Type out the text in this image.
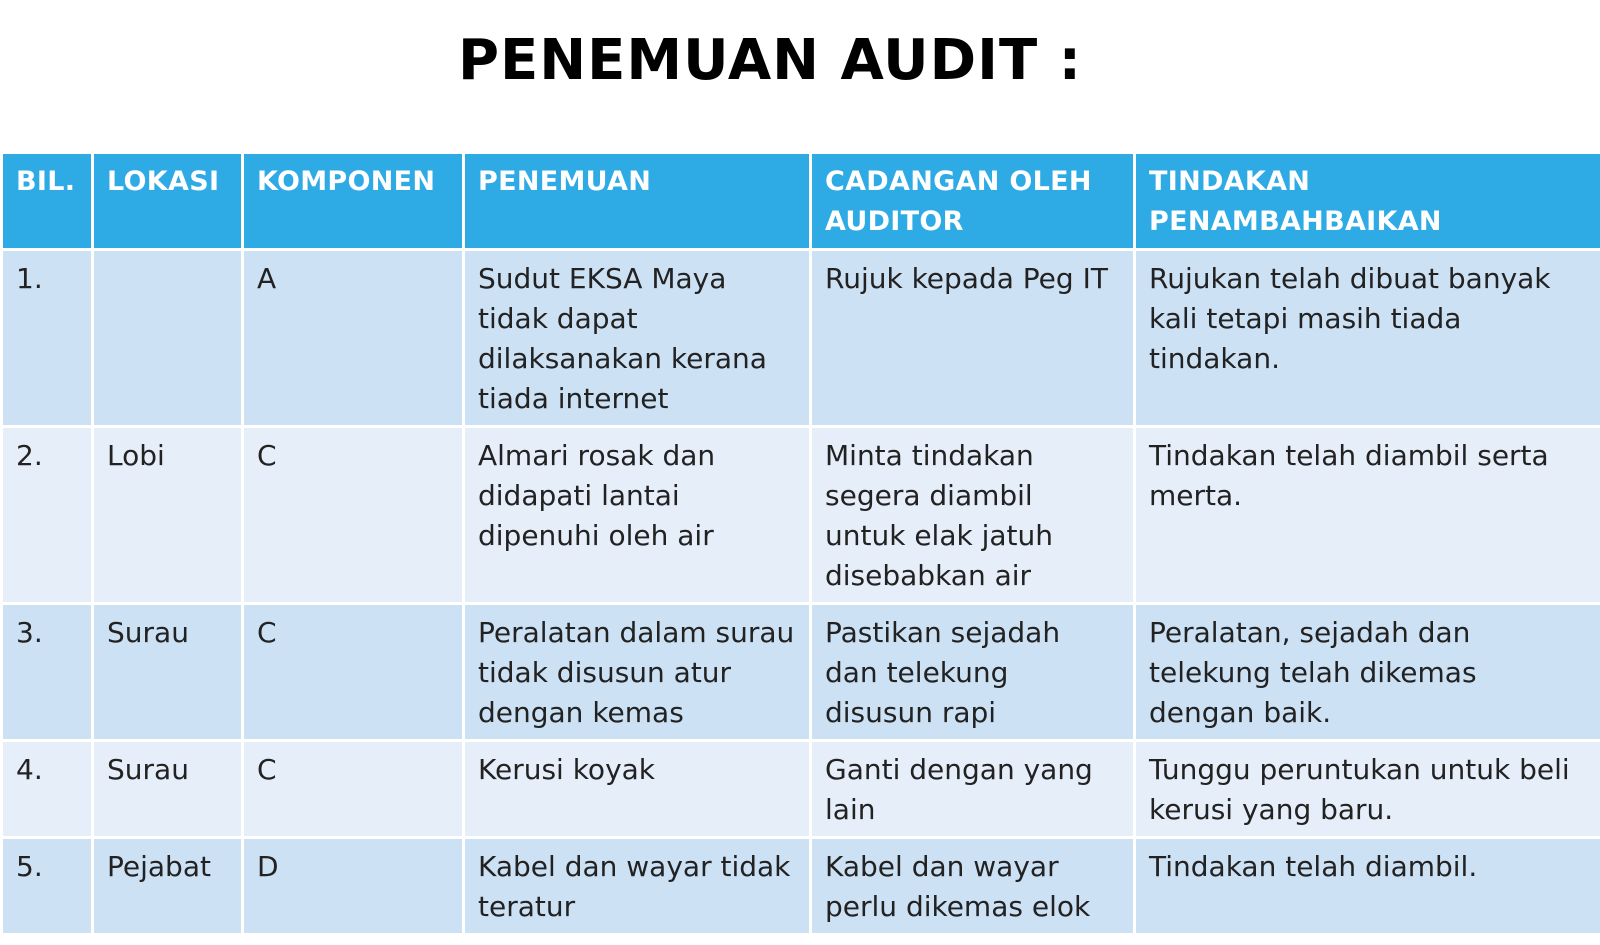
PENEMUAN AUDIT :
BIL.	LOKASI	KOMPONEN	PENEMUAN	CADANGAN OLEH AUDITOR	TINDAKAN PENAMBAHBAIKAN
1.		A	Sudut EKSA Maya tidak dapat dilaksanakan kerana tiada internet	Rujuk kepada Peg IT	Rujukan telah dibuat banyak kali tetapi masih tiada tindakan.
2.	Lobi	C	Almari rosak dan didapati lantai dipenuhi oleh air	Minta tindakan segera diambil untuk elak jatuh disebabkan air	Tindakan telah diambil serta merta.
3.	Surau	C	Peralatan dalam surau tidak disusun atur dengan kemas	Pastikan sejadah dan telekung disusun rapi	Peralatan, sejadah dan telekung telah dikemas dengan baik.
4.	Surau	C	Kerusi koyak	Ganti dengan yang lain	Tunggu peruntukan untuk beli kerusi yang baru.
5.	Pejabat	D	Kabel dan wayar tidak teratur	Kabel dan wayar perlu dikemas elok	Tindakan telah diambil.
